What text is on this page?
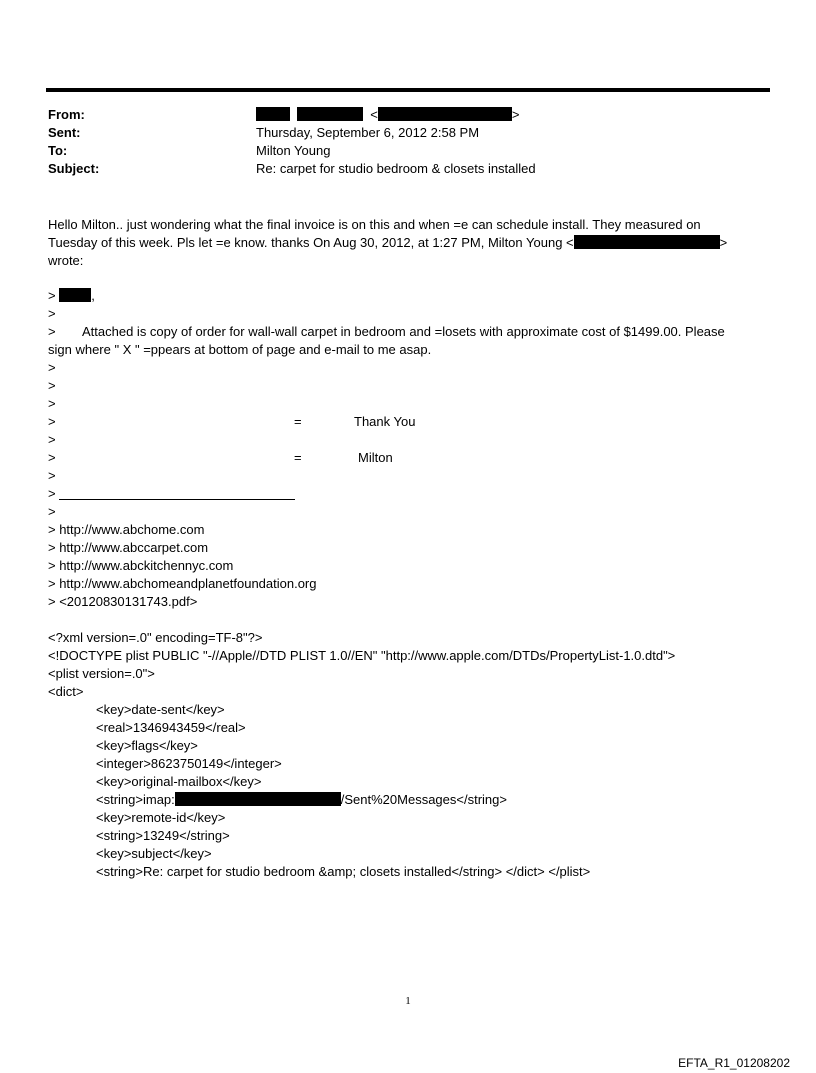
From:	<	>
Sent:	Thursday, September 6, 2012 2:58 PM
To:	Milton Young
Subject:	Re: carpet for studio bedroom & closets installed
Hello Milton.. just wondering what the final invoice is on this and when =e can schedule install. They measured on
Tuesday of this week. Pls let =e know. thanks On Aug 30, 2012, at 1:27 PM, Milton Young <	>
wrote:
>	,
>
> Attached is copy of order for wall-wall carpet in bedroom and =losets with approximate cost of $1499.00. Please
sign where " X " =ppears at bottom of page and e-mail to me asap.
>
>
>
>	=	Thank You
>
>	=	Milton
>
>
>
> http://www.abchome.com
> http://www.abccarpet.com
> http://www.abckitchennyc.com
> http://www.abchomeandplanetfoundation.org
> <20120830131743.pdf>
<?xml version=.0" encoding=TF-8"?>
<!DOCTYPE plist PUBLIC "-//Apple//DTD PLIST 1.0//EN" "http://www.apple.com/DTDs/PropertyList-1.0.dtd">
<plist version=.0">
<dict>
<key>date-sent</key>
<real>1346943459</real>
<key>flags</key>
<integer>8623750149</integer>
<key>original-mailbox</key>
<string>imap:	/Sent%20Messages</string>
<key>remote-id</key>
<string>13249</string>
<key>subject</key>
<string>Re: carpet for studio bedroom &amp; closets installed</string> </dict> </plist>
1
EFTA_R1_01208202
